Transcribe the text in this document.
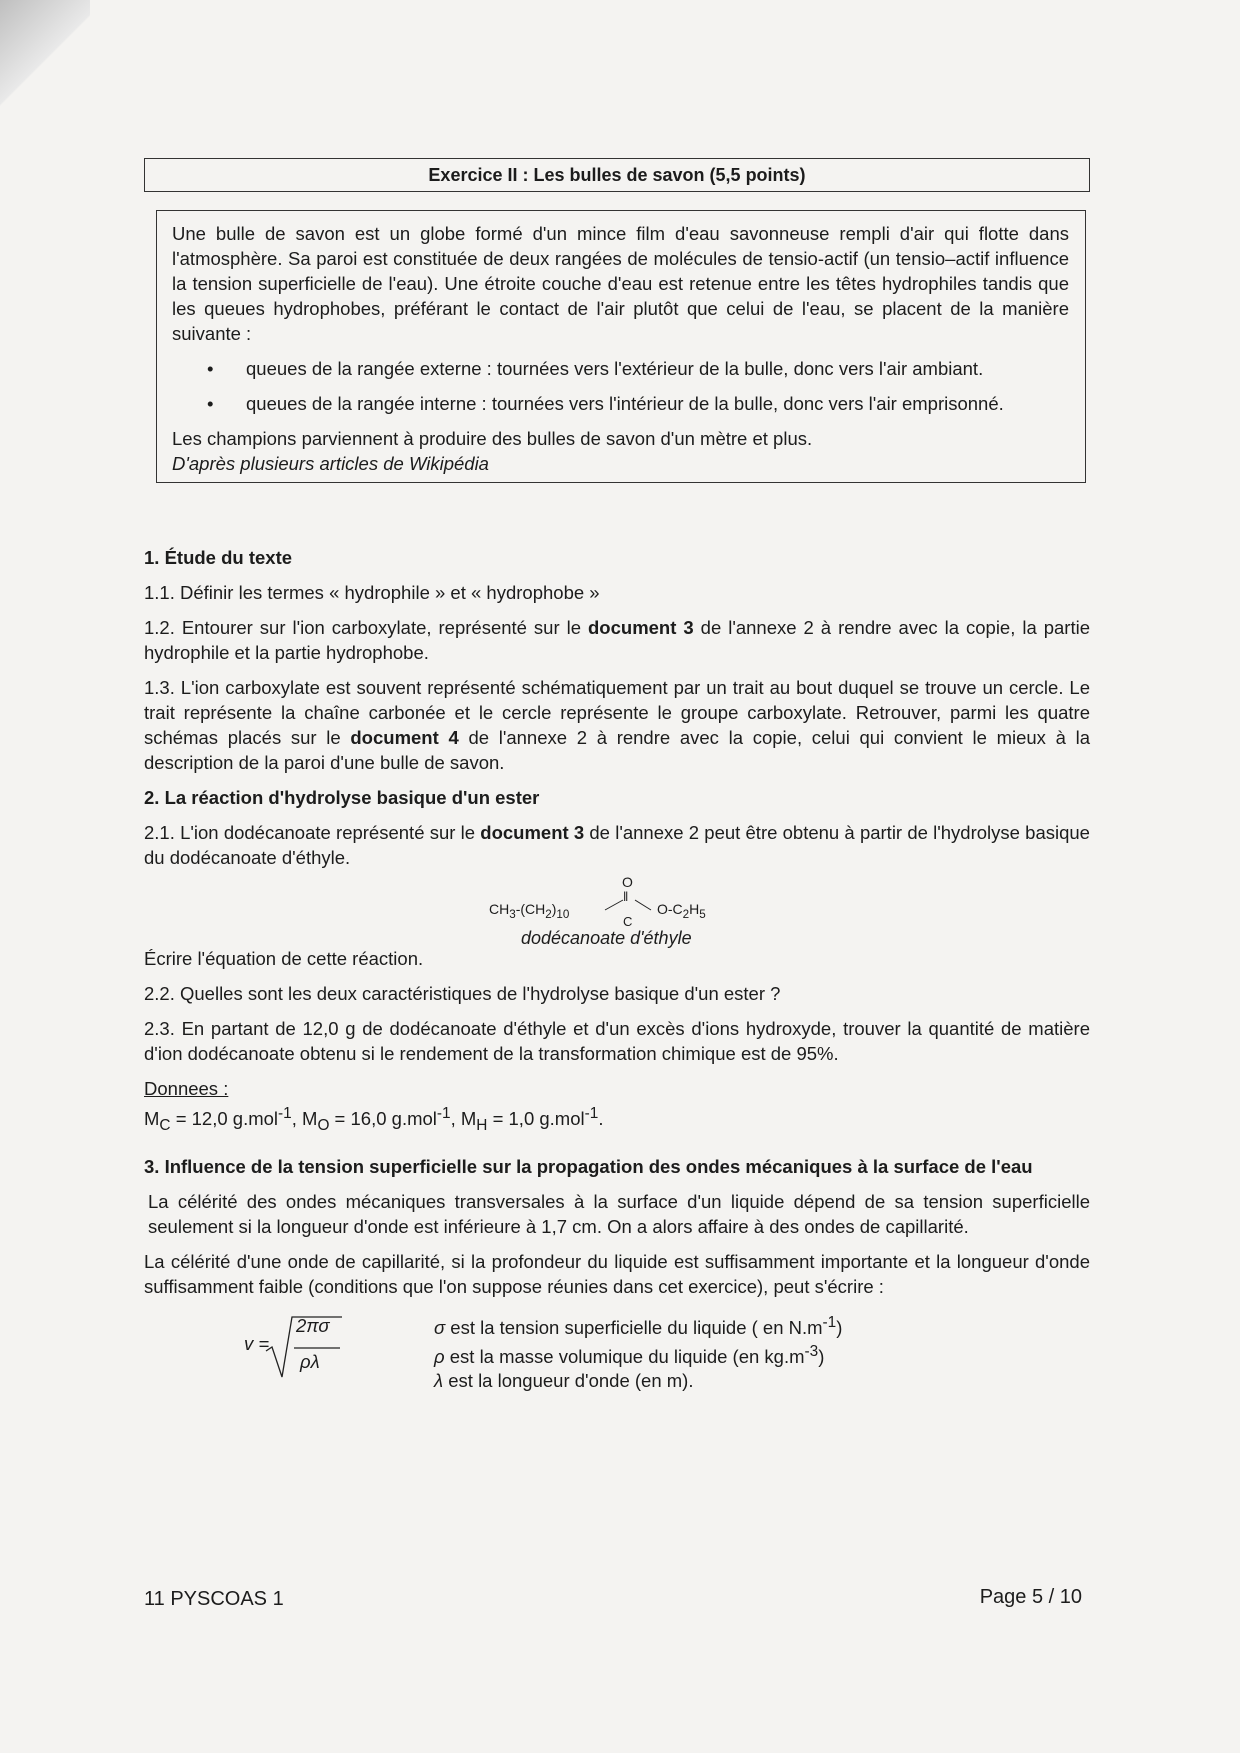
Exercice II : Les bulles de savon (5,5 points)

Une bulle de savon est un globe formé d'un mince film d'eau savonneuse rempli d'air qui flotte dans l'atmosphère. Sa paroi est constituée de deux rangées de molécules de tensio-actif (un tensio–actif influence la tension superficielle de l'eau). Une étroite couche d'eau est retenue entre les têtes hydrophiles tandis que les queues hydrophobes, préférant le contact de l'air plutôt que celui de l'eau, se placent de la manière suivante :

• queues de la rangée externe : tournées vers l'extérieur de la bulle, donc vers l'air ambiant.
• queues de la rangée interne : tournées vers l'intérieur de la bulle, donc vers l'air emprisonné.

Les champions parviennent à produire des bulles de savon d'un mètre et plus.

D'après plusieurs articles de Wikipédia

1. Étude du texte

1.1. Définir les termes « hydrophile » et « hydrophobe »

1.2. Entourer sur l'ion carboxylate, représenté sur le document 3 de l'annexe 2 à rendre avec la copie, la partie hydrophile et la partie hydrophobe.

1.3. L'ion carboxylate est souvent représenté schématiquement par un trait au bout duquel se trouve un cercle. Le trait représente la chaîne carbonée et le cercle représente le groupe carboxylate. Retrouver, parmi les quatre schémas placés sur le document 4 de l'annexe 2 à rendre avec la copie, celui qui convient le mieux à la description de la paroi d'une bulle de savon.

2. La réaction d'hydrolyse basique d'un ester

2.1. L'ion dodécanoate représenté sur le document 3 de l'annexe 2 peut être obtenu à partir de l'hydrolyse basique du dodécanoate d'éthyle.

O
‖
C
$CH_3-(CH_2)_{10}$	$O-C_2H_5$
dodécanoate d'éthyle

Écrire l'équation de cette réaction.

2.2. Quelles sont les deux caractéristiques de l'hydrolyse basique d'un ester ?

2.3. En partant de 12,0 g de dodécanoate d'éthyle et d'un excès d'ions hydroxyde, trouver la quantité de matière d'ion dodécanoate obtenu si le rendement de la transformation chimique est de 95%.

Donnees :

$M_C = 12,0$ g.mol$^{-1}$, $M_O = 16,0$ g.mol$^{-1}$, $M_H = 1,0$ g.mol$^{-1}$.

3. Influence de la tension superficielle sur la propagation des ondes mécaniques à la surface de l'eau

La célérité des ondes mécaniques transversales à la surface d'un liquide dépend de sa tension superficielle seulement si la longueur d'onde est inférieure à 1,7 cm. On a alors affaire à des ondes de capillarité.

La célérité d'une onde de capillarité, si la profondeur du liquide est suffisamment importante et la longueur d'onde suffisamment faible (conditions que l'on suppose réunies dans cet exercice), peut s'écrire :

v =
2πσ
ρλ
σ est la tension superficielle du liquide ( en $N.m^{-1}$)
ρ est la masse volumique du liquide (en $kg.m^{-3}$)
λ est la longueur d'onde (en m).
11 PYSCOAS 1	Page 5 / 10
